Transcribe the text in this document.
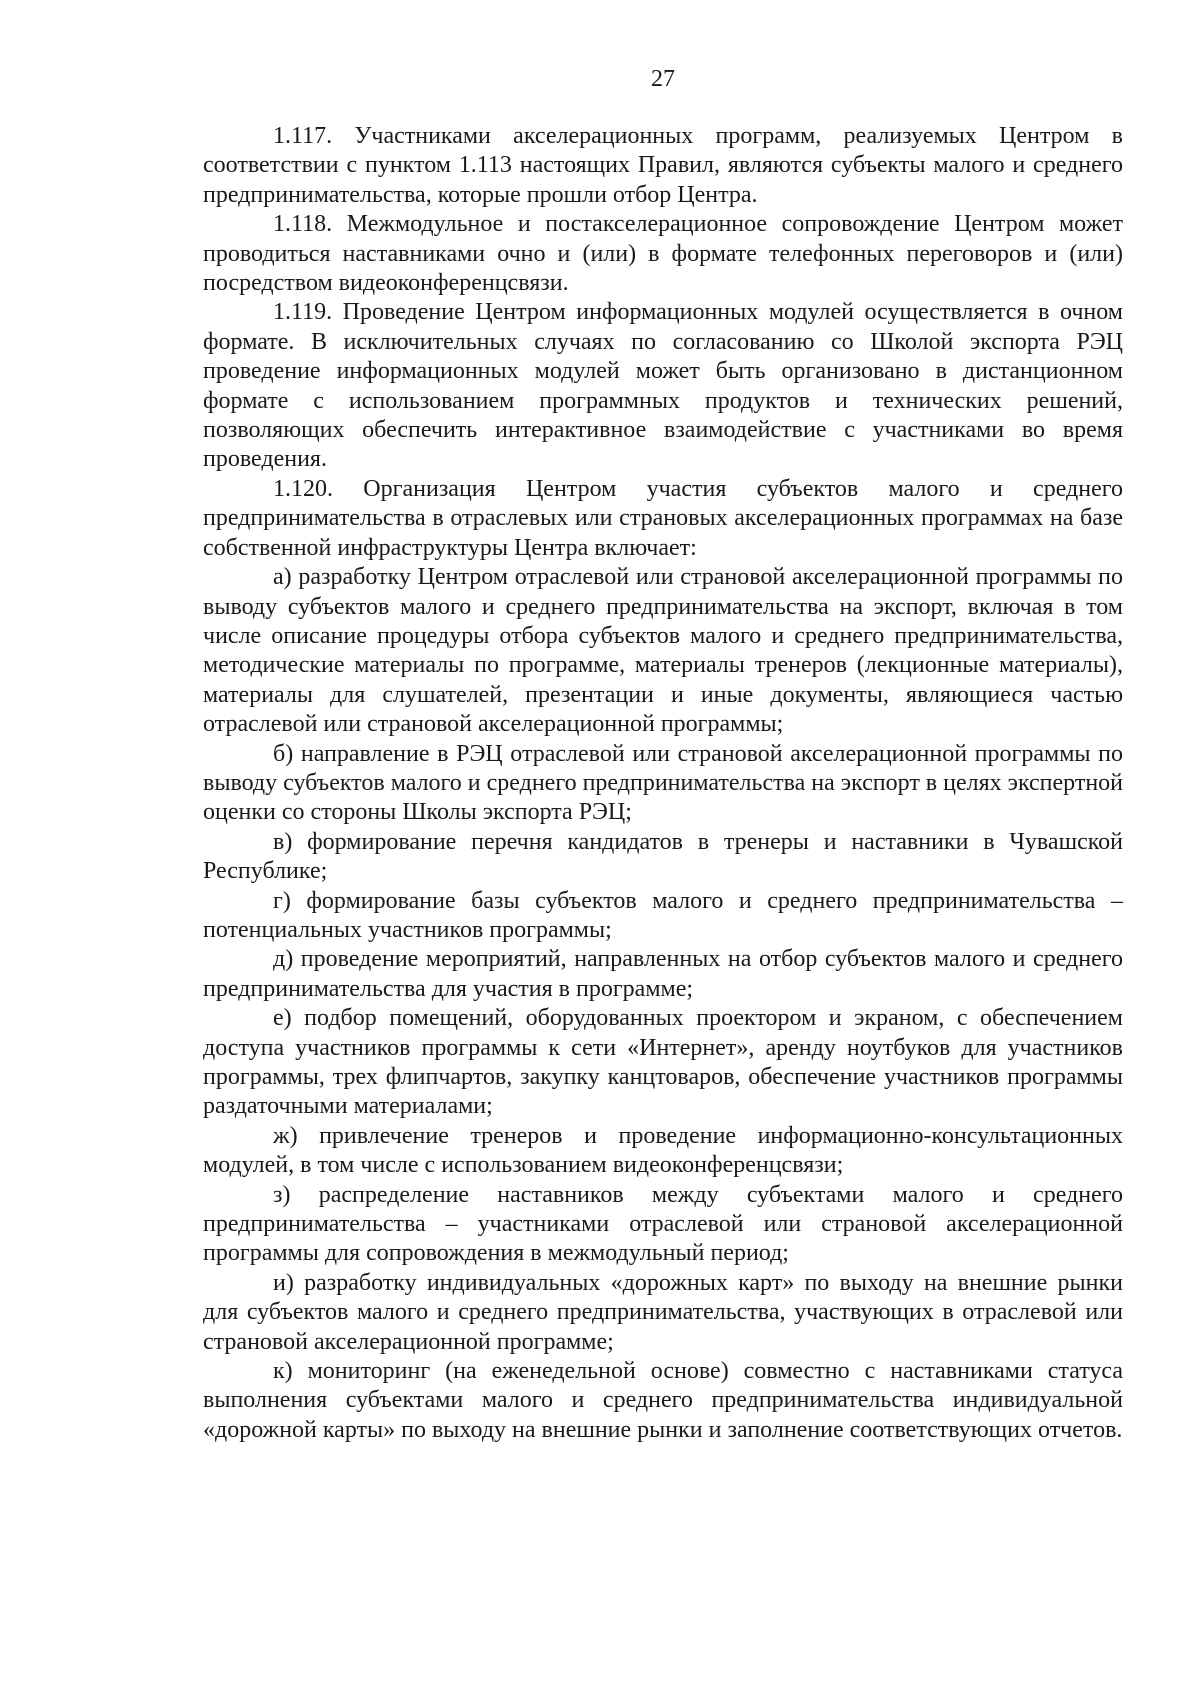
27

1.117. Участниками акселерационных программ, реализуемых Центром в соответствии с пунктом 1.113 настоящих Правил, являются субъекты малого и среднего предпринимательства, которые прошли отбор Центра.

1.118. Межмодульное и постакселерационное сопровождение Центром может проводиться наставниками очно и (или) в формате телефонных переговоров и (или) посредством видеоконференцсвязи.

1.119. Проведение Центром информационных модулей осуществляется в очном формате. В исключительных случаях по согласованию со Школой экспорта РЭЦ проведение информационных модулей может быть организовано в дистанционном формате с использованием программных продуктов и технических решений, позволяющих обеспечить интерактивное взаимодействие с участниками во время проведения.

1.120. Организация Центром участия субъектов малого и среднего предпринимательства в отраслевых или страновых акселерационных программах на базе собственной инфраструктуры Центра включает:

а) разработку Центром отраслевой или страновой акселерационной программы по выводу субъектов малого и среднего предпринимательства на экспорт, включая в том числе описание процедуры отбора субъектов малого и среднего предпринимательства, методические материалы по программе, материалы тренеров (лекционные материалы), материалы для слушателей, презентации и иные документы, являющиеся частью отраслевой или страновой акселерационной программы;

б) направление в РЭЦ отраслевой или страновой акселерационной программы по выводу субъектов малого и среднего предпринимательства на экспорт в целях экспертной оценки со стороны Школы экспорта РЭЦ;

в) формирование перечня кандидатов в тренеры и наставники в Чувашской Республике;

г) формирование базы субъектов малого и среднего предпринимательства – потенциальных участников программы;

д) проведение мероприятий, направленных на отбор субъектов малого и среднего предпринимательства для участия в программе;

е) подбор помещений, оборудованных проектором и экраном, с обеспечением доступа участников программы к сети «Интернет», аренду ноутбуков для участников программы, трех флипчартов, закупку канцтоваров, обеспечение участников программы раздаточными материалами;

ж) привлечение тренеров и проведение информационно-консультационных модулей, в том числе с использованием видеоконференцсвязи;

з) распределение наставников между субъектами малого и среднего предпринимательства – участниками отраслевой или страновой акселерационной программы для сопровождения в межмодульный период;

и) разработку индивидуальных «дорожных карт» по выходу на внешние рынки для субъектов малого и среднего предпринимательства, участвующих в отраслевой или страновой акселерационной программе;

к) мониторинг (на еженедельной основе) совместно с наставниками статуса выполнения субъектами малого и среднего предпринимательства индивидуальной «дорожной карты» по выходу на внешние рынки и заполнение соответствующих отчетов.
